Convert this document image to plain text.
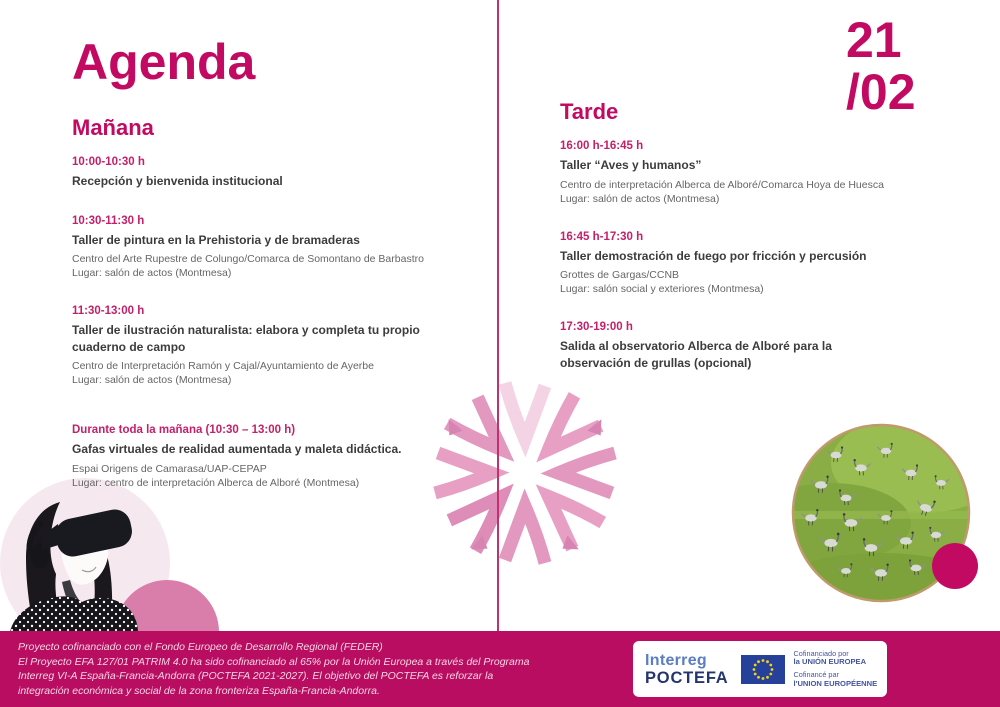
Agenda
Mañana
10:00-10:30 h
Recepción y bienvenida institucional
10:30-11:30 h
Taller de pintura en la Prehistoria y de bramaderas
Centro del Arte Rupestre de Colungo/Comarca de Somontano de Barbastro
Lugar: salón de actos (Montmesa)
11:30-13:00 h
Taller de ilustración naturalista: elabora y completa tu propio
cuaderno de campo
Centro de Interpretación Ramón y Cajal/Ayuntamiento de Ayerbe
Lugar: salón de actos (Montmesa)
Durante toda la mañana (10:30 – 13:00 h)
Gafas virtuales de realidad aumentada y maleta didáctica.
Espai Origens de Camarasa/UAP-CEPAP
Lugar: centro de interpretación Alberca de Alboré (Montmesa)
Tarde
16:00 h-16:45 h
Taller “Aves y humanos”
Centro de interpretación Alberca de Alboré/Comarca Hoya de Huesca
Lugar: salón de actos (Montmesa)
16:45 h-17:30 h
Taller demostración de fuego por fricción y percusión
Grottes de Gargas/CCNB
Lugar: salón social y exteriores (Montmesa)
17:30-19:00 h
Salida al observatorio Alberca de Alboré para la
observación de grullas (opcional)
21
/02
Proyecto cofinanciado con el Fondo Europeo de Desarrollo Regional (FEDER)
El Proyecto EFA 127/01 PATRIM 4.0 ha sido cofinanciado al 65% por la Unión Europea a través del Programa
Interreg VI-A España-Francia-Andorra (POCTEFA 2021-2027). El objetivo del POCTEFA es reforzar la
integración económica y social de la zona fronteriza España-Francia-Andorra.
Interreg
POCTEFA
Cofinanciado por
la UNIÓN EUROPEA
Cofinancé par
l'UNION EUROPÉENNE
